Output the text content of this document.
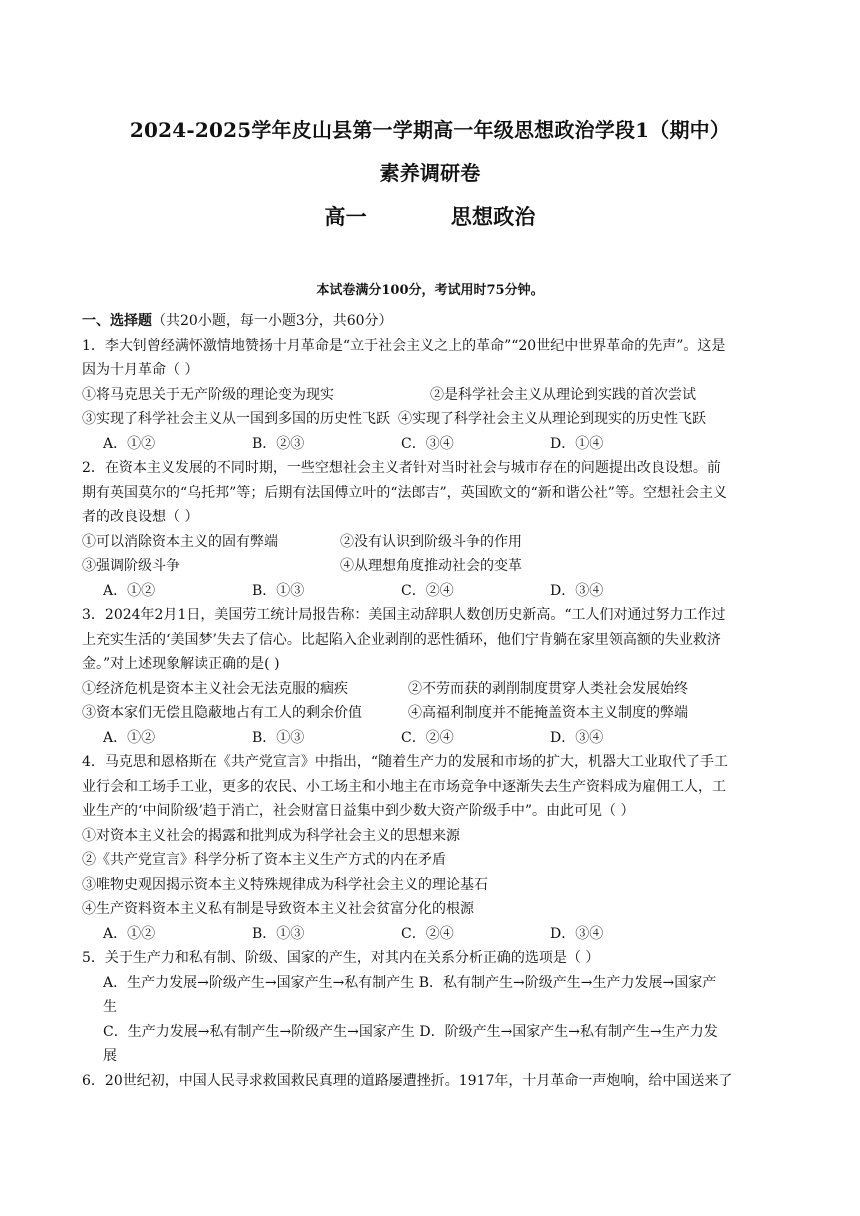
2024-2025学年皮山县第一学期高一年级思想政治学段1（期中）
素养调研卷
高一	思想政治
本试卷满分100分，考试用时75分钟。
一、选择题（共20小题，每一小题3分，共60分）
1．李大钊曾经满怀激情地赞扬十月革命是“立于社会主义之上的革命”“20世纪中世界革命的先声”。这是
因为十月革命（ ）
①将马克思关于无产阶级的理论变为现实	②是科学社会主义从理论到实践的首次尝试
③实现了科学社会主义从一国到多国的历史性飞跃 ④实现了科学社会主义从理论到现实的历史性飞跃
A．①②	B．②③	C．③④	D．①④
2．在资本主义发展的不同时期，一些空想社会主义者针对当时社会与城市存在的问题提出改良设想。前
期有英国莫尔的“乌托邦”等；后期有法国傅立叶的“法郎吉”，英国欧文的“新和谐公社”等。空想社会主义
者的改良设想（ ）
①可以消除资本主义的固有弊端	②没有认识到阶级斗争的作用
③强调阶级斗争	④从理想角度推动社会的变革
A．①②	B．①③	C．②④	D．③④
3．2024年2月1日，美国劳工统计局报告称：美国主动辞职人数创历史新高。“工人们对通过努力工作过
上充实生活的‘美国梦’失去了信心。比起陷入企业剥削的恶性循环，他们宁肯躺在家里领高额的失业救济
金。”对上述现象解读正确的是( )
①经济危机是资本主义社会无法克服的痼疾	②不劳而获的剥削制度贯穿人类社会发展始终
③资本家们无偿且隐蔽地占有工人的剩余价值	④高福利制度并不能掩盖资本主义制度的弊端
A．①②	B．①③	C．②④	D．③④
4．马克思和恩格斯在《共产党宣言》中指出，“随着生产力的发展和市场的扩大，机器大工业取代了手工
业行会和工场手工业，更多的农民、小工场主和小地主在市场竞争中逐渐失去生产资料成为雇佣工人，工
业生产的‘中间阶级’趋于消亡，社会财富日益集中到少数大资产阶级手中”。由此可见（ ）
①对资本主义社会的揭露和批判成为科学社会主义的思想来源
②《共产党宣言》科学分析了资本主义生产方式的内在矛盾
③唯物史观因揭示资本主义特殊规律成为科学社会主义的理论基石
④生产资料资本主义私有制是导致资本主义社会贫富分化的根源
A．①②	B．①③	C．②④	D．③④
5．关于生产力和私有制、阶级、国家的产生，对其内在关系分析正确的选项是（ ）
A．生产力发展→阶级产生→国家产生→私有制产生 B．私有制产生→阶级产生→生产力发展→国家产
生
C．生产力发展→私有制产生→阶级产生→国家产生 D．阶级产生→国家产生→私有制产生→生产力发
展
6．20世纪初，中国人民寻求救国救民真理的道路屡遭挫折。1917年，十月革命一声炮响，给中国送来了
